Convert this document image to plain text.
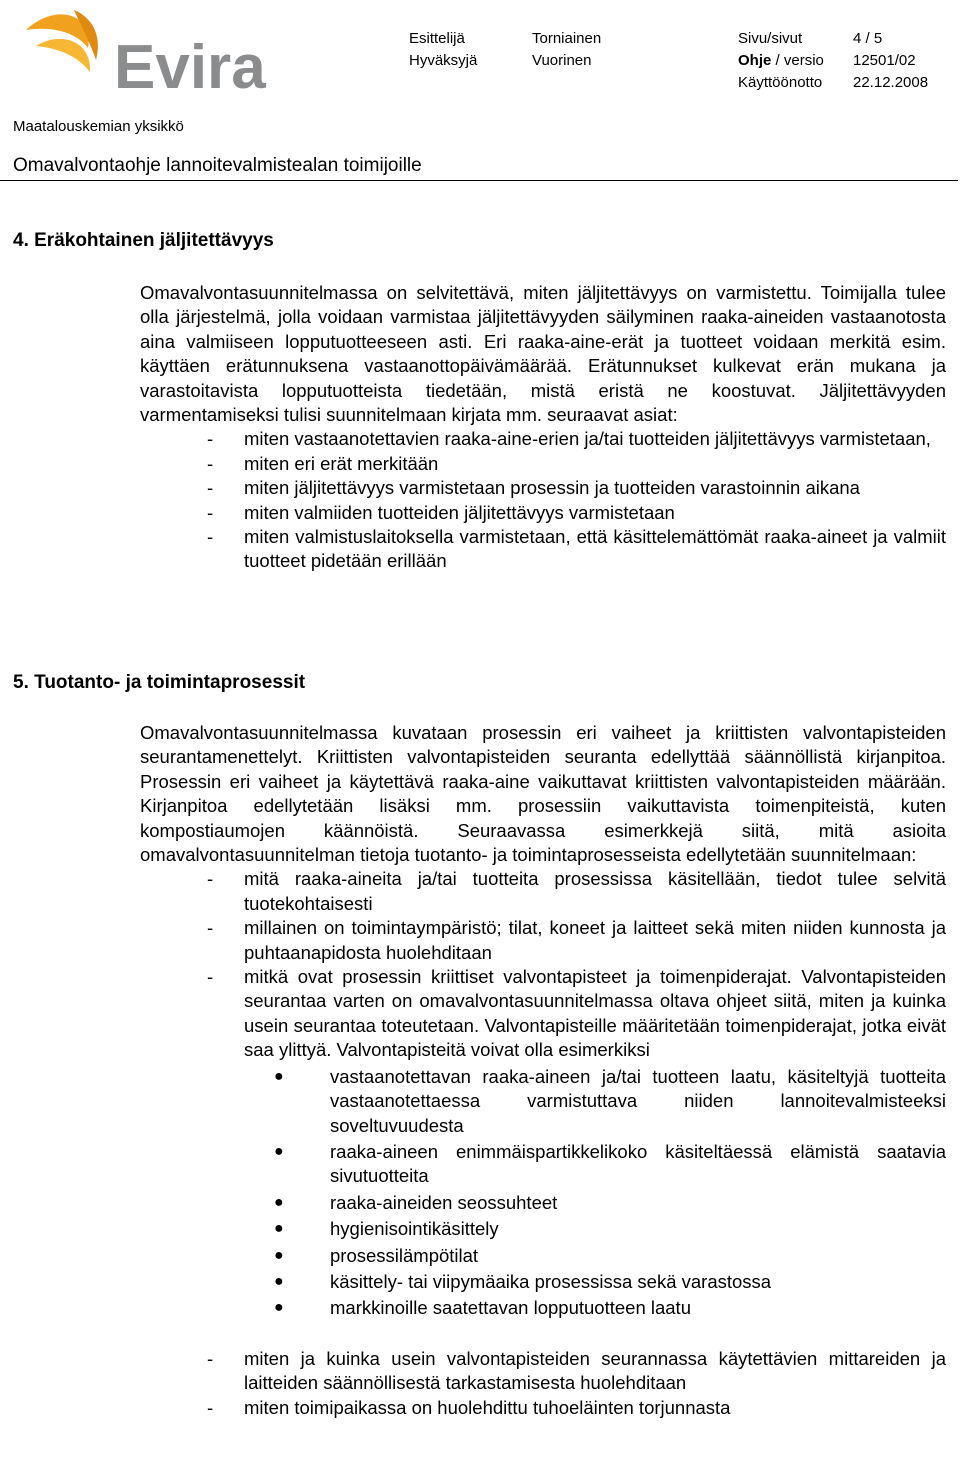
Evira	Esittelijä	Torniainen	Sivu/sivut	4 / 5
Hyväksyjä	Vuorinen	Ohje / versio 12501/02
Käyttöönotto 22.12.2008
Maatalouskemian yksikkö
Omavalvontaohje lannoitevalmistealan toimijoille
4. Eräkohtainen jäljitettävyys

Omavalvontasuunnitelmassa on selvitettävä, miten jäljitettävyys on varmistettu. Toimijalla tulee olla järjestelmä, jolla voidaan varmistaa jäljitettävyyden säilyminen raaka-aineiden vastaanotosta aina valmiiseen lopputuotteeseen asti. Eri raaka-aine-erät ja tuotteet voidaan merkitä esim. käyttäen erätunnuksena vastaanottopäivämäärää. Erätunnukset kulkevat erän mukana ja varastoitavista lopputuotteista tiedetään, mistä eristä ne koostuvat. Jäljitettävyyden varmentamiseksi tulisi suunnitelmaan kirjata mm. seuraavat asiat:

-	miten vastaanotettavien raaka-aine-erien ja/tai tuotteiden jäljitettävyys varmistetaan,
-	miten eri erät merkitään
-	miten jäljitettävyys varmistetaan prosessin ja tuotteiden varastoinnin aikana
-	miten valmiiden tuotteiden jäljitettävyys varmistetaan
-	miten valmistuslaitoksella varmistetaan, että käsittelemättömät raaka-aineet ja valmiit tuotteet pidetään erillään
5. Tuotanto- ja toimintaprosessit

Omavalvontasuunnitelmassa kuvataan prosessin eri vaiheet ja kriittisten valvontapisteiden seurantamenettelyt. Kriittisten valvontapisteiden seuranta edellyttää säännöllistä kirjanpitoa. Prosessin eri vaiheet ja käytettävä raaka-aine vaikuttavat kriittisten valvontapisteiden määrään. Kirjanpitoa edellytetään lisäksi mm. prosessiin vaikuttavista toimenpiteistä, kuten kompostiaumojen käännöistä. Seuraavassa esimerkkejä siitä, mitä asioita omavalvontasuunnitelman tietoja tuotanto- ja toimintaprosesseista edellytetään suunnitelmaan:

-	mitä raaka-aineita ja/tai tuotteita prosessissa käsitellään, tiedot tulee selvitä tuotekohtaisesti
-	millainen on toimintaympäristö; tilat, koneet ja laitteet sekä miten niiden kunnosta ja puhtaanapidosta huolehditaan
-	mitkä ovat prosessin kriittiset valvontapisteet ja toimenpiderajat. Valvontapisteiden seurantaa varten on omavalvontasuunnitelmassa oltava ohjeet siitä, miten ja kuinka usein seurantaa toteutetaan. Valvontapisteille määritetään toimenpiderajat, jotka eivät saa ylittyä. Valvontapisteitä voivat olla esimerkiksi
●	vastaanotettavan raaka-aineen ja/tai tuotteen laatu, käsiteltyjä tuotteita vastaanotettaessa varmistuttava niiden lannoitevalmisteeksi soveltuvuudesta
●	raaka-aineen enimmäispartikkelikoko käsiteltäessä elämistä saatavia sivutuotteita
●	raaka-aineiden seossuhteet
●	hygienisointikäsittely
●	prosessilämpötilat
●	käsittely- tai viipymäaika prosessissa sekä varastossa
●	markkinoille saatettavan lopputuotteen laatu
-	miten ja kuinka usein valvontapisteiden seurannassa käytettävien mittareiden ja laitteiden säännöllisestä tarkastamisesta huolehditaan
-	miten toimipaikassa on huolehdittu tuhoeläinten torjunnasta
